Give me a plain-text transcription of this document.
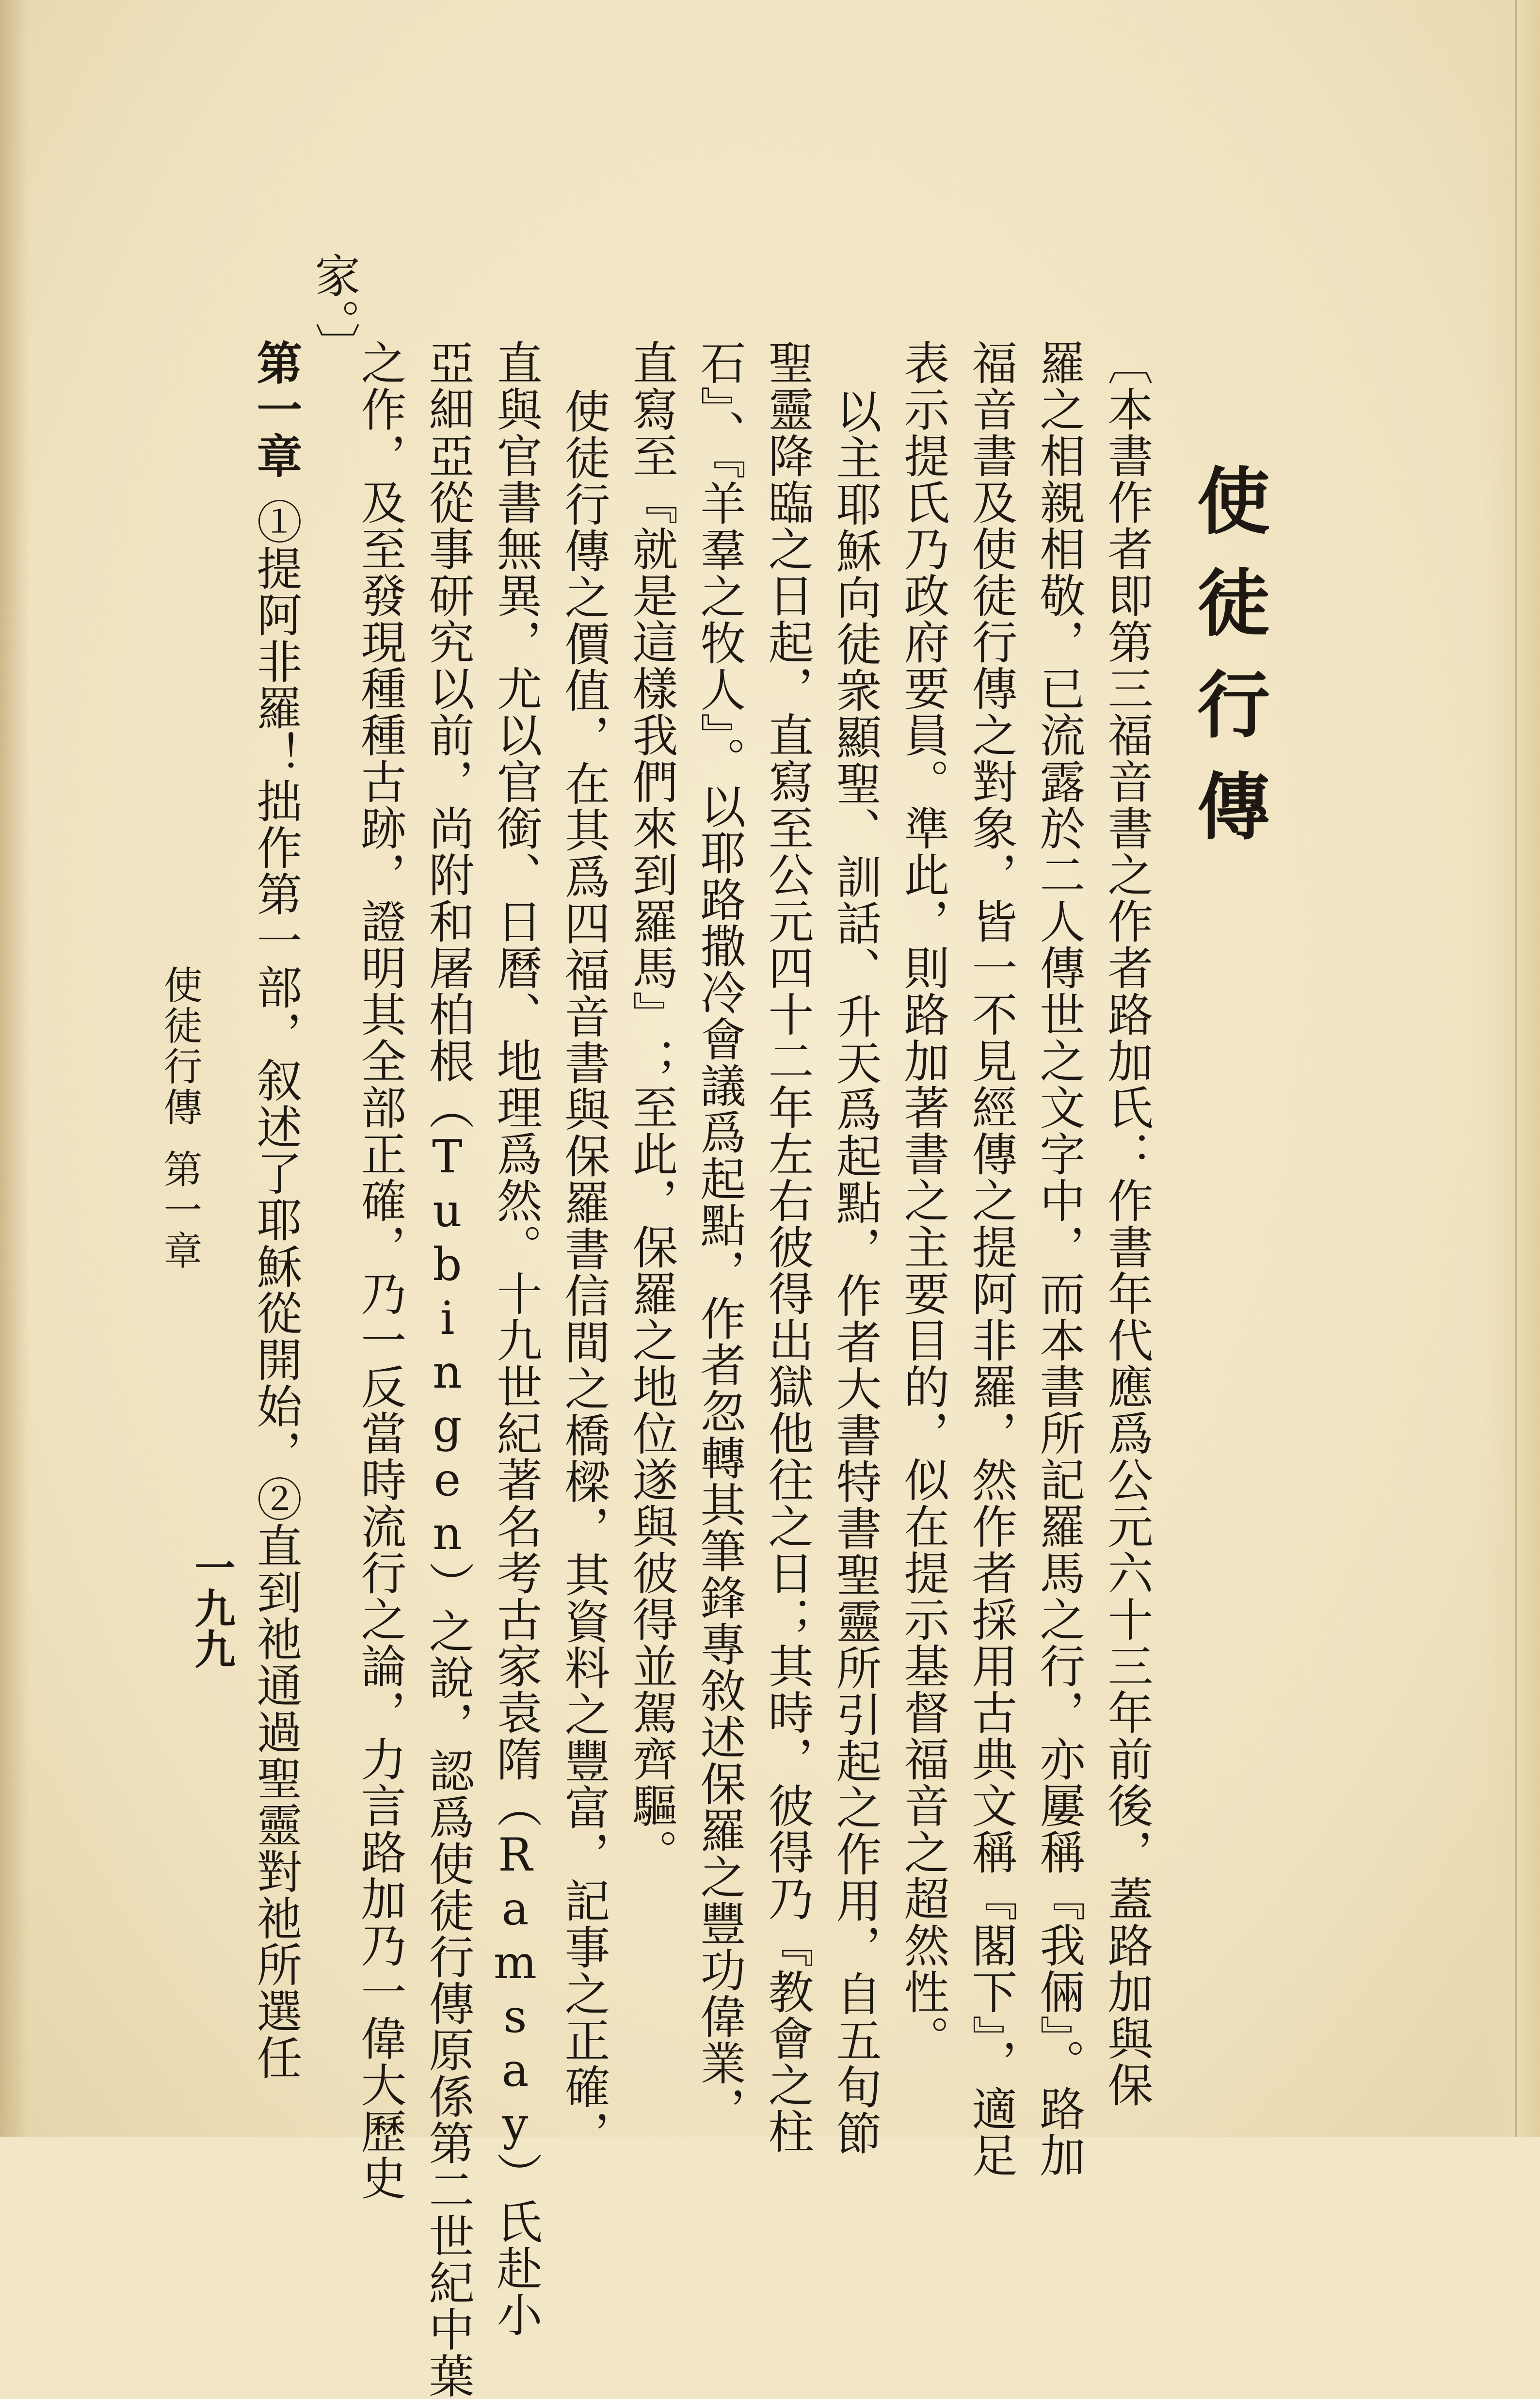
使徒行傳
〔本書作者即第三福音書之作者路加氏：作書年代應爲公元六十三年前後，蓋路加與保
羅之相親相敬，已流露於二人傳世之文字中，而本書所記羅馬之行，亦屢稱『我倆』。路加
福音書及使徒行傳之對象，皆一不見經傳之提阿非羅，然作者採用古典文稱『閣下』，適足
表示提氏乃政府要員。準此，則路加著書之主要目的，似在提示基督福音之超然性。
以主耶穌向徒衆顯聖、訓話、升天爲起點，作者大書特書聖靈所引起之作用，自五旬節
聖靈降臨之日起，直寫至公元四十二年左右彼得出獄他往之日；其時，彼得乃『教會之柱
石』、『羊羣之牧人』。以耶路撒冷會議爲起點，作者忽轉其筆鋒專敘述保羅之豐功偉業，
直寫至『就是這樣我們來到羅馬』；至此，保羅之地位遂與彼得並駕齊驅。
使徒行傳之價值，在其爲四福音書與保羅書信間之橋樑，其資料之豐富，記事之正確，
直與官書無異，尤以官銜、日曆、地理爲然。十九世紀著名考古家袁隋（Ramsay）氏赴小
亞細亞從事研究以前，尚附和屠柏根（Tubingen）之說，認爲使徒行傳原係第二世紀中葉
之作，及至發現種種古跡，證明其全部正確，乃一反當時流行之論，力言路加乃一偉大歷史
家。〕
第一章①提阿非羅！拙作第一部，叙述了耶穌從開始，②直到祂通過聖靈對祂所選任
使徒行傳
第一章
一九九
